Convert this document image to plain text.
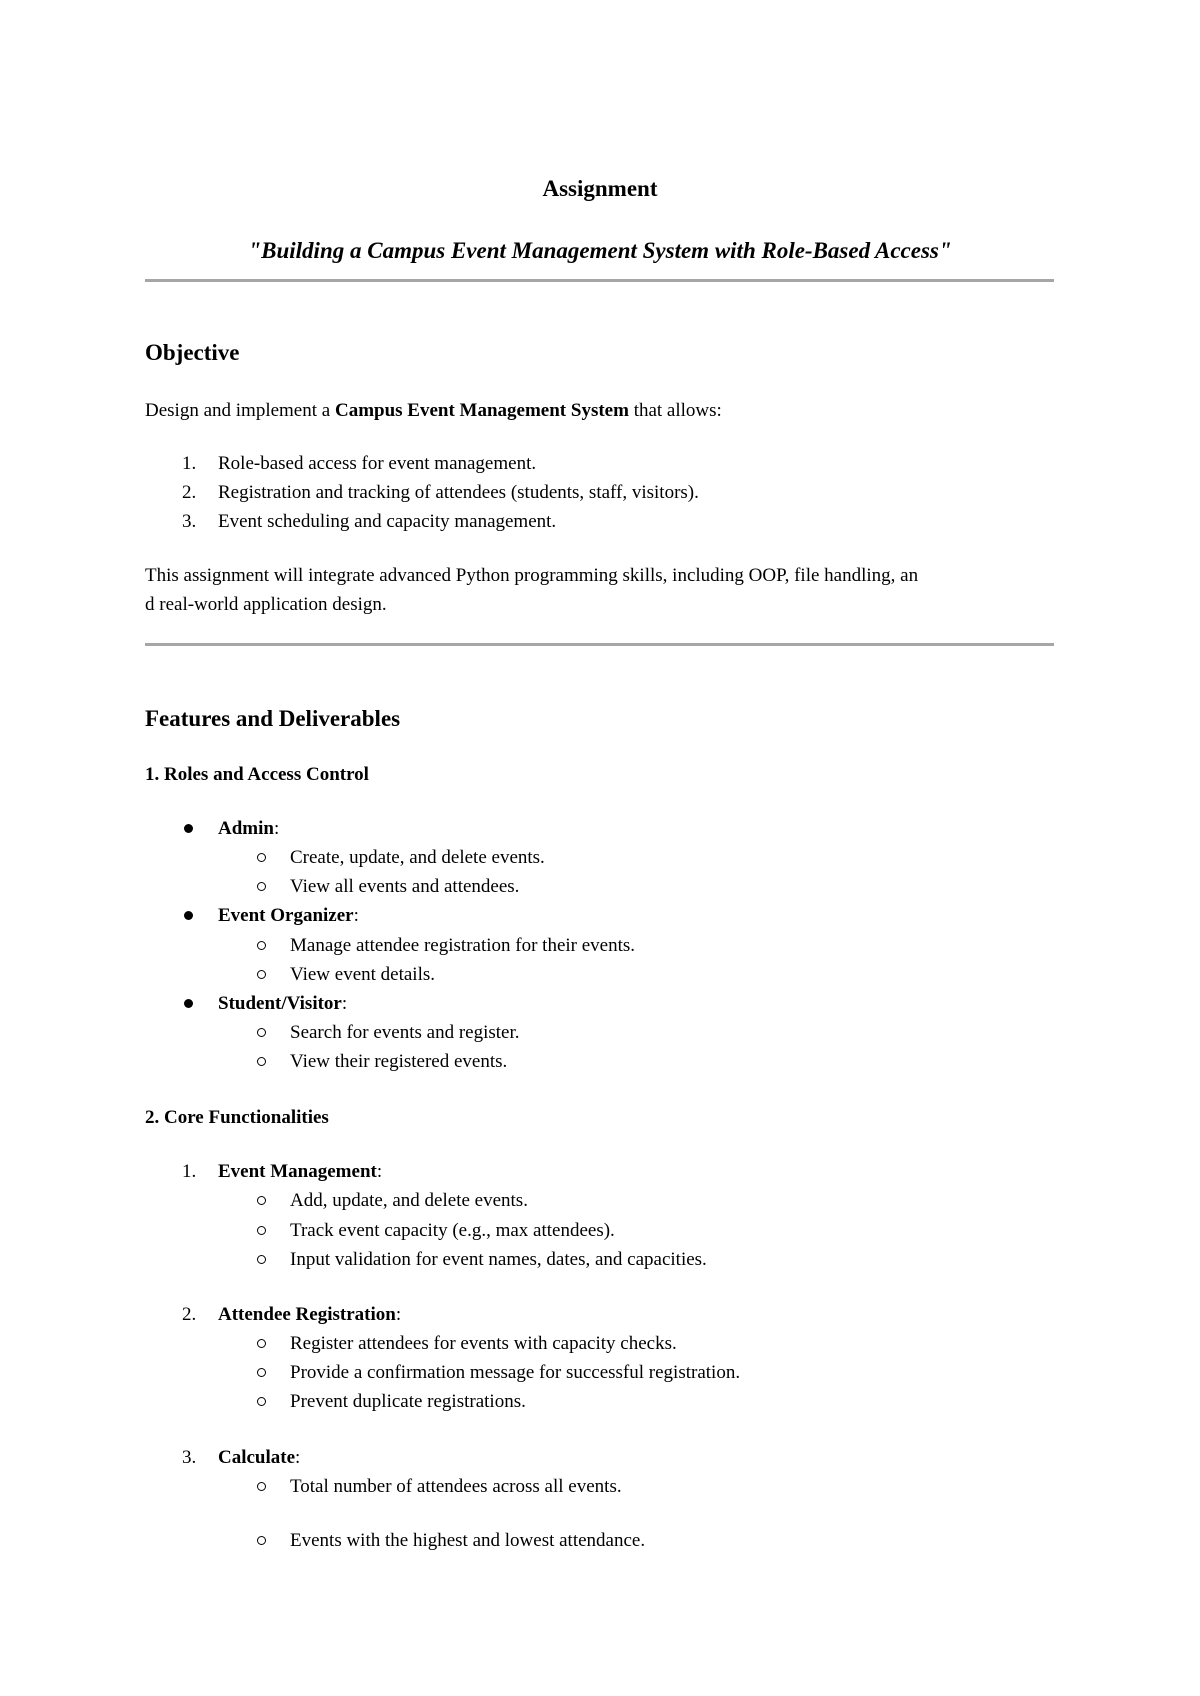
Assignment
"Building a Campus Event Management System with Role-Based Access"
Objective
Design and implement a Campus Event Management System that allows:
1. Role-based access for event management.
2. Registration and tracking of attendees (students, staff, visitors).
3. Event scheduling and capacity management.
This assignment will integrate advanced Python programming skills, including OOP, file handling, an
d real-world application design.
Features and Deliverables
1. Roles and Access Control
Admin:
Create, update, and delete events.
View all events and attendees.
Event Organizer:
Manage attendee registration for their events.
View event details.
Student/Visitor:
Search for events and register.
View their registered events.
2. Core Functionalities
1. Event Management:
Add, update, and delete events.
Track event capacity (e.g., max attendees).
Input validation for event names, dates, and capacities.
2. Attendee Registration:
Register attendees for events with capacity checks.
Provide a confirmation message for successful registration.
Prevent duplicate registrations.
3. Calculate:
Total number of attendees across all events.
Events with the highest and lowest attendance.
